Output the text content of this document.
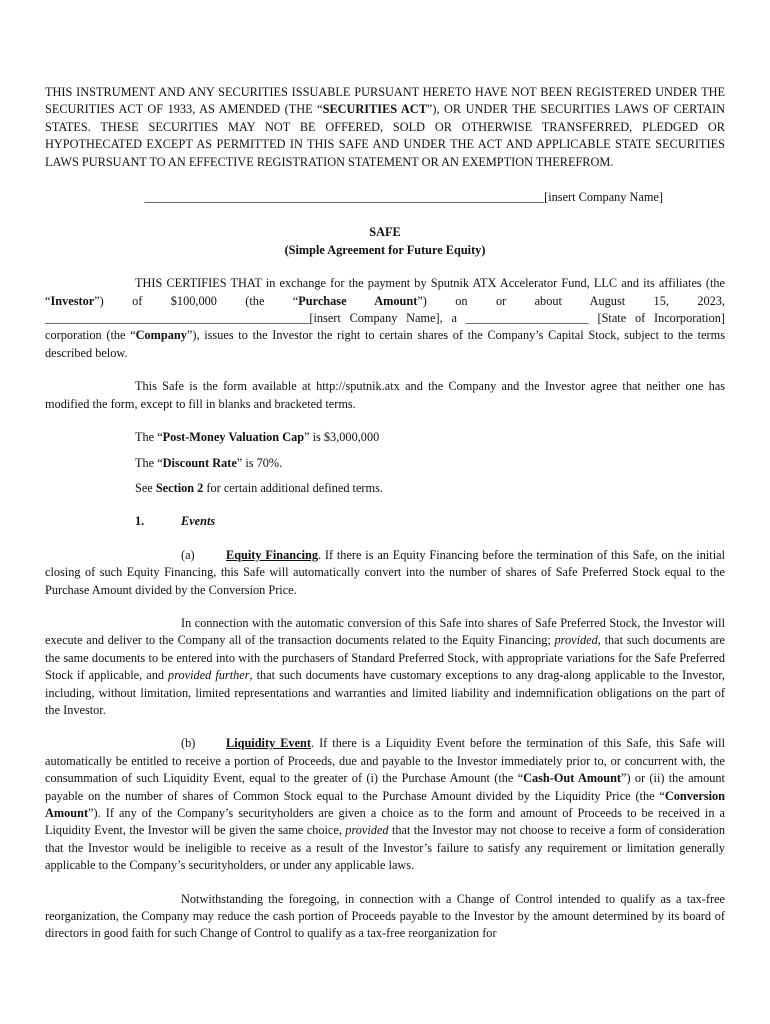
THIS INSTRUMENT AND ANY SECURITIES ISSUABLE PURSUANT HERETO HAVE NOT BEEN REGISTERED UNDER THE SECURITIES ACT OF 1933, AS AMENDED (THE “SECURITIES ACT”), OR UNDER THE SECURITIES LAWS OF CERTAIN STATES. THESE SECURITIES MAY NOT BE OFFERED, SOLD OR OTHERWISE TRANSFERRED, PLEDGED OR HYPOTHECATED EXCEPT AS PERMITTED IN THIS SAFE AND UNDER THE ACT AND APPLICABLE STATE SECURITIES LAWS PURSUANT TO AN EFFECTIVE REGISTRATION STATEMENT OR AN EXEMPTION THEREFROM.

_________________________________________________________________[insert Company Name]

SAFE

(Simple Agreement for Future Equity)

THIS CERTIFIES THAT in exchange for the payment by Sputnik ATX Accelerator Fund, LLC and its affiliates (the “Investor”) of $100,000 (the “Purchase Amount”) on or about August 15, 2023, ___________________________________________[insert Company Name], a ____________________ [State of Incorporation] corporation (the “Company”), issues to the Investor the right to certain shares of the Company’s Capital Stock, subject to the terms described below.

This Safe is the form available at http://sputnik.atx and the Company and the Investor agree that neither one has modified the form, except to fill in blanks and bracketed terms.

The “Post-Money Valuation Cap” is $3,000,000

The “Discount Rate” is 70%.

See Section 2 for certain additional defined terms.

1.	Events

(a)	Equity Financing. If there is an Equity Financing before the termination of this Safe, on the initial closing of such Equity Financing, this Safe will automatically convert into the number of shares of Safe Preferred Stock equal to the Purchase Amount divided by the Conversion Price.

In connection with the automatic conversion of this Safe into shares of Safe Preferred Stock, the Investor will execute and deliver to the Company all of the transaction documents related to the Equity Financing; provided, that such documents are the same documents to be entered into with the purchasers of Standard Preferred Stock, with appropriate variations for the Safe Preferred Stock if applicable, and provided further, that such documents have customary exceptions to any drag-along applicable to the Investor, including, without limitation, limited representations and warranties and limited liability and indemnification obligations on the part of the Investor.

(b) Liquidity Event. If there is a Liquidity Event before the termination of this Safe, this Safe will automatically be entitled to receive a portion of Proceeds, due and payable to the Investor immediately prior to, or concurrent with, the consummation of such Liquidity Event, equal to the greater of (i) the Purchase Amount (the “Cash-Out Amount”) or (ii) the amount payable on the number of shares of Common Stock equal to the Purchase Amount divided by the Liquidity Price (the “Conversion Amount”). If any of the Company’s securityholders are given a choice as to the form and amount of Proceeds to be received in a Liquidity Event, the Investor will be given the same choice, provided that the Investor may not choose to receive a form of consideration that the Investor would be ineligible to receive as a result of the Investor’s failure to satisfy any requirement or limitation generally applicable to the Company’s securityholders, or under any applicable laws.

Notwithstanding the foregoing, in connection with a Change of Control intended to qualify as a tax-free reorganization, the Company may reduce the cash portion of Proceeds payable to the Investor by the amount determined by its board of directors in good faith for such Change of Control to qualify as a tax-free reorganization for
